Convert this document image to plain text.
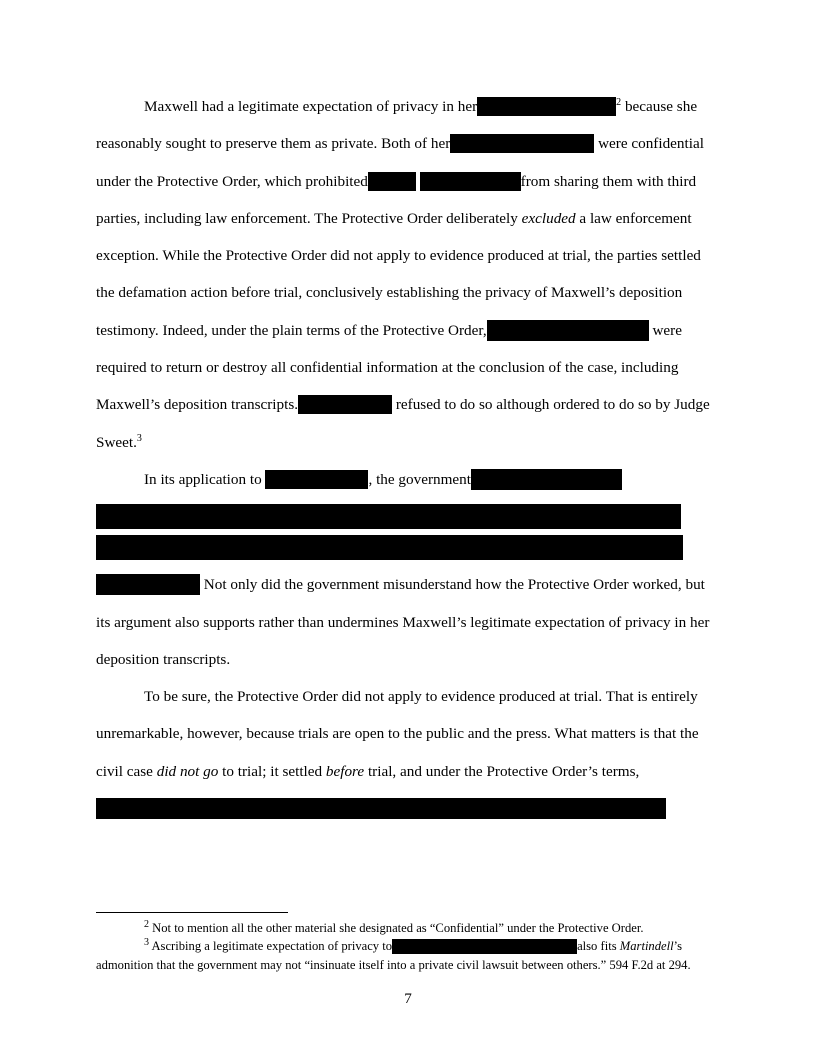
Maxwell had a legitimate expectation of privacy in her	$^2$ because she reasonably sought to preserve them as private. Both of her	were confidential under the Protective Order, which prohibited	from sharing them with third parties, including law enforcement. The Protective Order deliberately excluded a law enforcement exception. While the Protective Order did not apply to evidence produced at trial, the parties settled the defamation action before trial, conclusively establishing the privacy of Maxwell’s deposition testimony. Indeed, under the plain terms of the Protective Order,	were required to return or destroy all confidential information at the conclusion of the case, including Maxwell’s deposition transcripts.	refused to do so although ordered to do so by Judge Sweet.$^3$

In its application to	, the government

Not only did the government misunderstand how the Protective Order worked, but its argument also supports rather than undermines Maxwell’s legitimate expectation of privacy in her deposition transcripts.

To be sure, the Protective Order did not apply to evidence produced at trial. That is entirely unremarkable, however, because trials are open to the public and the press. What matters is that the civil case did not go to trial; it settled before trial, and under the Protective Order’s terms,

$^2$ Not to mention all the other material she designated as “Confidential” under the Protective Order.

$^3$ Ascribing a legitimate expectation of privacy to	also fits Martindell’s admonition that the government may not “insinuate itself into a private civil lawsuit between others.” 594 F.2d at 294.

7
